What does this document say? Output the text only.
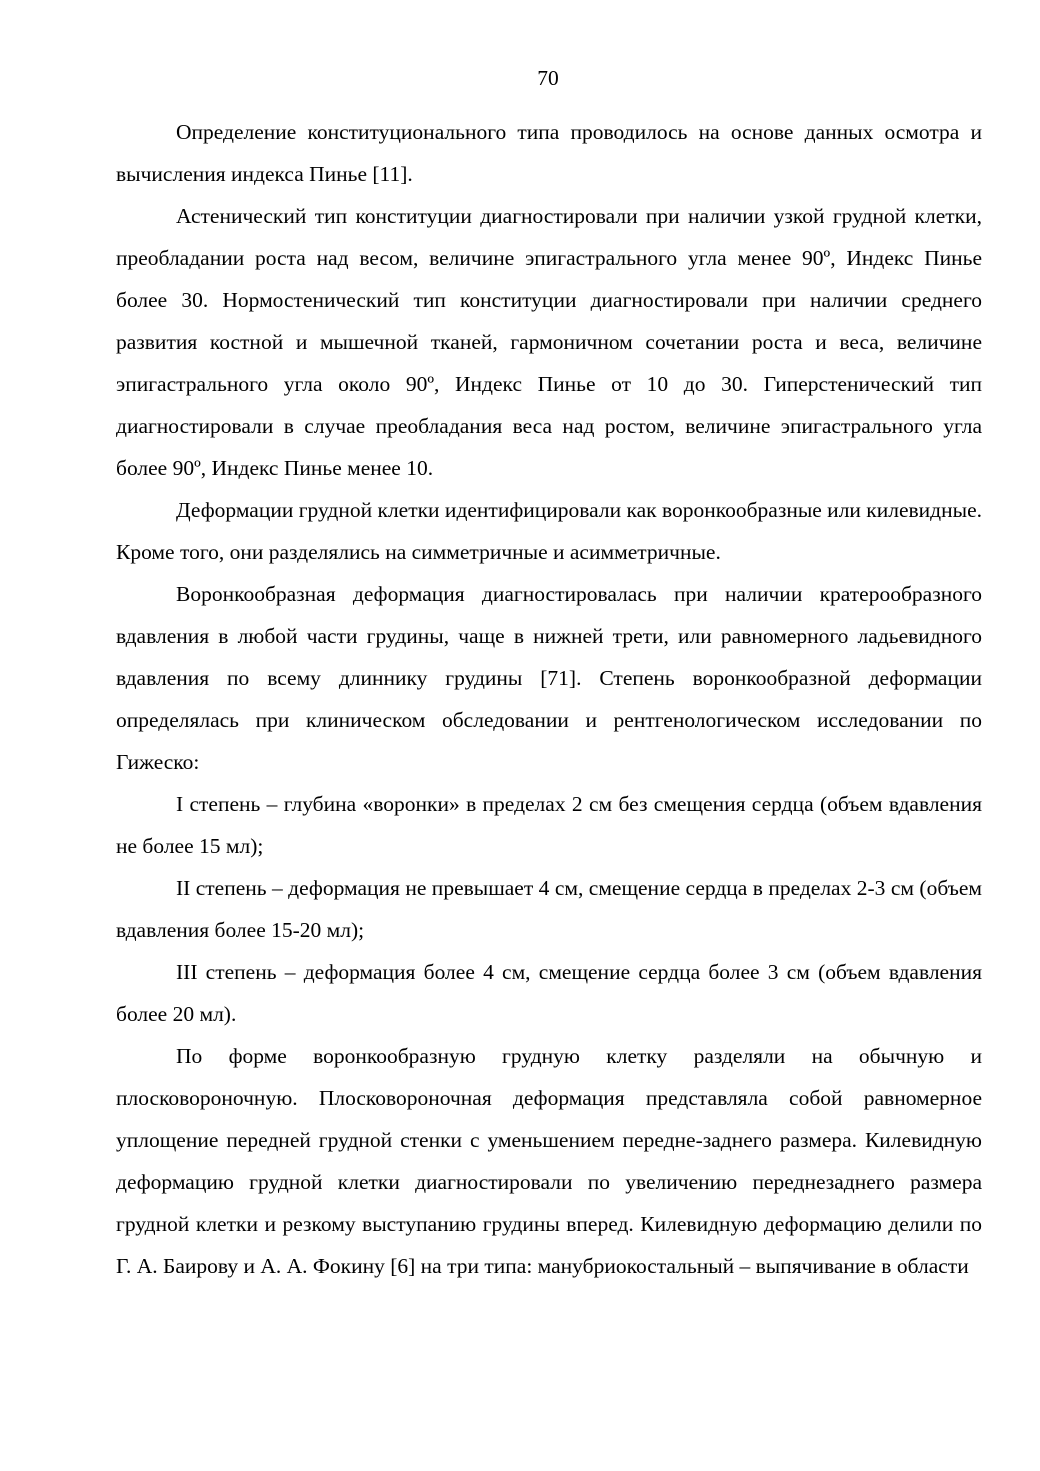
70

Определение конституционального типа проводилось на основе данных осмотра и вычисления индекса Пинье [11].

Астенический тип конституции диагностировали при наличии узкой грудной клетки, преобладании роста над весом, величине эпигастрального угла менее 90º, Индекс Пинье более 30. Нормостенический тип конституции диагностировали при наличии среднего развития костной и мышечной тканей, гармоничном сочетании роста и веса, величине эпигастрального угла около 90º, Индекс Пинье от 10 до 30. Гиперстенический тип диагностировали в случае преобладания веса над ростом, величине эпигастрального угла более 90º, Индекс Пинье менее 10.

Деформации грудной клетки идентифицировали как воронкообразные или килевидные. Кроме того, они разделялись на симметричные и асимметричные.

Воронкообразная деформация диагностировалась при наличии кратерообразного вдавления в любой части грудины, чаще в нижней трети, или равномерного ладьевидного вдавления по всему длиннику грудины [71]. Степень воронкообразной деформации определялась при клиническом обследовании и рентгенологическом исследовании по Гижеско:

I степень – глубина «воронки» в пределах 2 см без смещения сердца (объем вдавления не более 15 мл);

II степень – деформация не превышает 4 см, смещение сердца в пределах 2-3 см (объем вдавления более 15-20 мл);

III степень – деформация более 4 см, смещение сердца более 3 см (объем вдавления более 20 мл).

По форме воронкообразную грудную клетку разделяли на обычную и плосковороночную. Плосковороночная деформация представляла собой равномерное уплощение передней грудной стенки с уменьшением передне-заднего размера. Килевидную деформацию грудной клетки диагностировали по увеличению переднезаднего размера грудной клетки и резкому выступанию грудины вперед. Килевидную деформацию делили по Г. А. Баирову и А. А. Фокину [6] на три типа: манубриокостальный – выпячивание в области
